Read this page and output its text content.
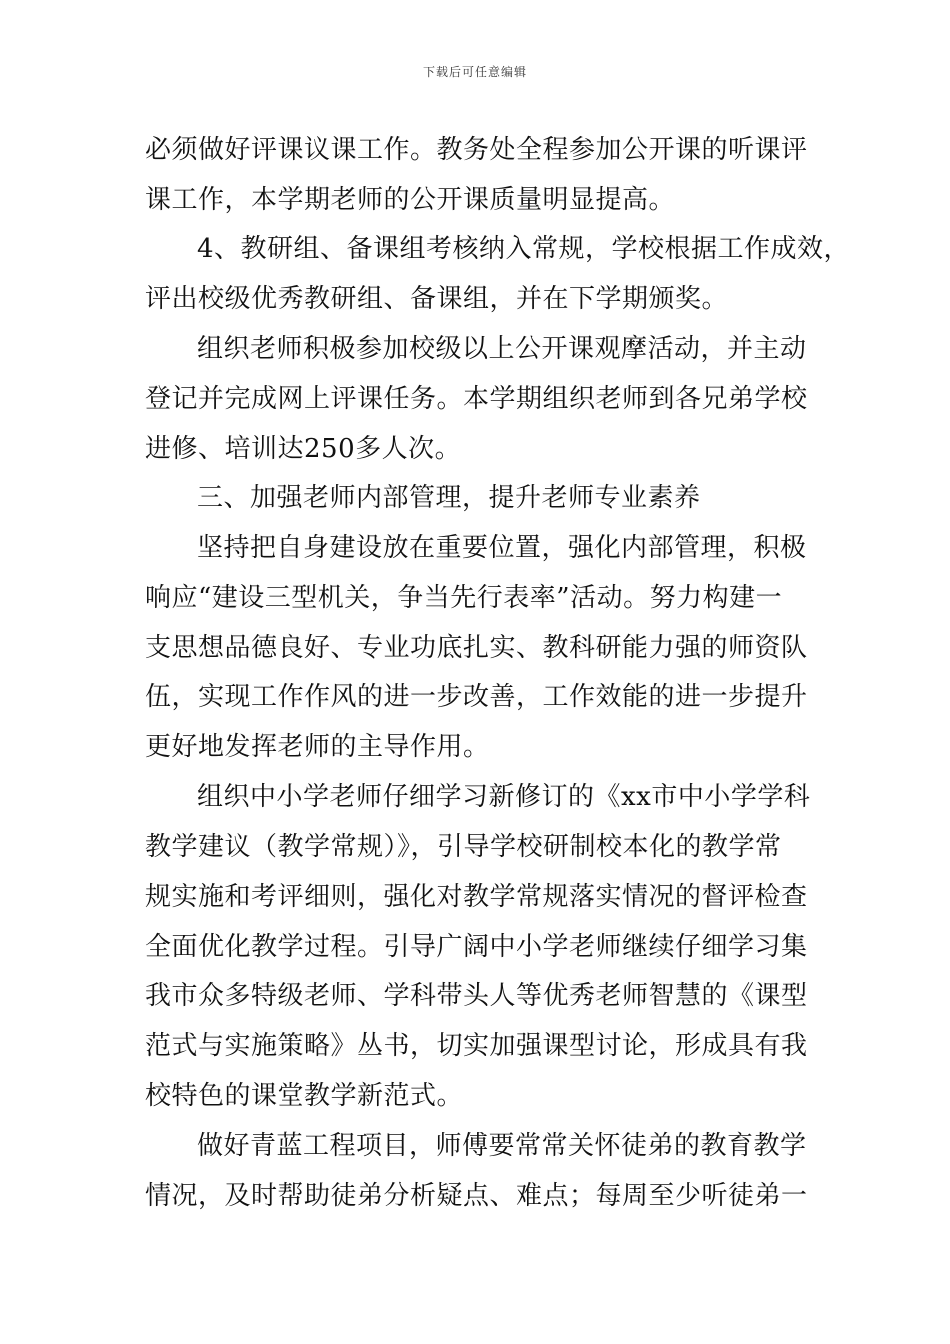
下载后可任意编辑
必须做好评课议课工作。教务处全程参加公开课的听课评
课工作，本学期老师的公开课质量明显提高。
4、教研组、备课组考核纳入常规，学校根据工作成效，
评出校级优秀教研组、备课组，并在下学期颁奖。
组织老师积极参加校级以上公开课观摩活动，并主动
登记并完成网上评课任务。本学期组织老师到各兄弟学校
进修、培训达250多人次。
三、加强老师内部管理，提升老师专业素养
坚持把自身建设放在重要位置，强化内部管理，积极
响应“建设三型机关，争当先行表率”活动。努力构建一
支思想品德良好、专业功底扎实、教科研能力强的师资队
伍，实现工作作风的进一步改善，工作效能的进一步提升
更好地发挥老师的主导作用。
组织中小学老师仔细学习新修订的《xx市中小学学科
教学建议（教学常规）》，引导学校研制校本化的教学常
规实施和考评细则，强化对教学常规落实情况的督评检查
全面优化教学过程。引导广阔中小学老师继续仔细学习集
我市众多特级老师、学科带头人等优秀老师智慧的《课型
范式与实施策略》丛书，切实加强课型讨论，形成具有我
校特色的课堂教学新范式。
做好青蓝工程项目，师傅要常常关怀徒弟的教育教学
情况，及时帮助徒弟分析疑点、难点；每周至少听徒弟一
